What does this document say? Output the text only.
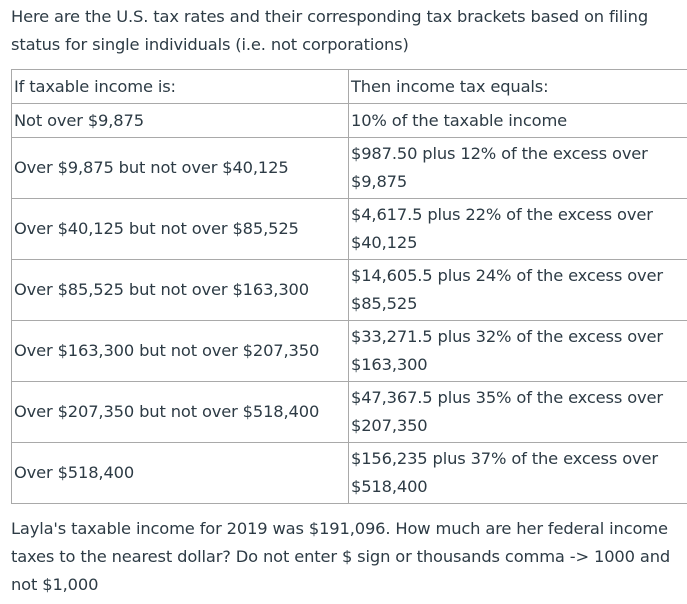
Here are the U.S. tax rates and their corresponding tax brackets based on filing status for single individuals (i.e. not corporations)

If taxable income is:	Then income tax equals:
Not over $9,875	10% of the taxable income
Over $9,875 but not over $40,125	$987.50 plus 12% of the excess over
$9,875
Over $40,125 but not over $85,525	$4,617.5 plus 22% of the excess over
$40,125
Over $85,525 but not over $163,300	$14,605.5 plus 24% of the excess over
$85,525
Over $163,300 but not over $207,350	$33,271.5 plus 32% of the excess over
$163,300
Over $207,350 but not over $518,400	$47,367.5 plus 35% of the excess over
$207,350
Over $518,400	$156,235 plus 37% of the excess over
$518,400

Layla's taxable income for 2019 was $191,096. How much are her federal income taxes to the nearest dollar? Do not enter $ sign or thousands comma -> 1000 and not $1,000
